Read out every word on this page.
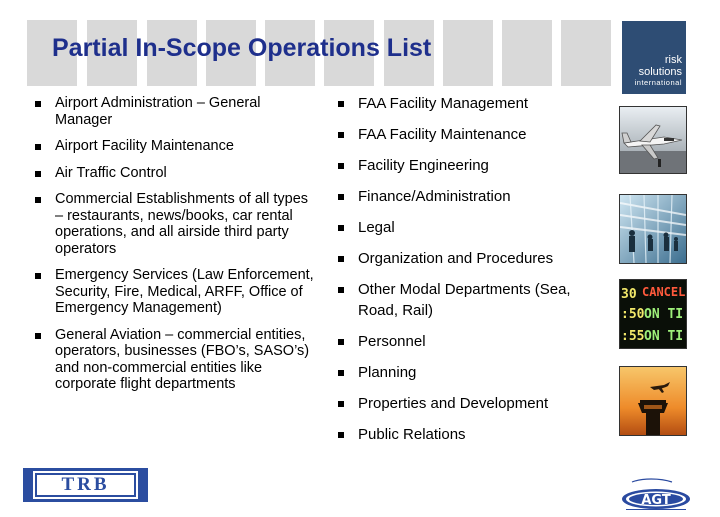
Partial In-Scope Operations List	risk
solutions
international
Airport Administration – General Manager
Airport Facility Maintenance
Air Traffic Control
Commercial Establishments of all types – restaurants, news/books, car rental operations, and all airside third party operators
Emergency Services (Law Enforcement, Security, Fire, Medical, ARFF, Office of Emergency Management)
General Aviation – commercial entities, operators, businesses (FBO’s, SASO’s) and non-commercial entities like corporate flight departments
FAA Facility Management
FAA Facility Maintenance
Facility Engineering
Finance/Administration
Legal
Organization and Procedures
Other Modal Departments (Sea, Road, Rail)
Personnel
Planning
Properties and Development
Public Relations
30 CANCEL
:50 ON TI
:55 ON TI
TRB
AGT
